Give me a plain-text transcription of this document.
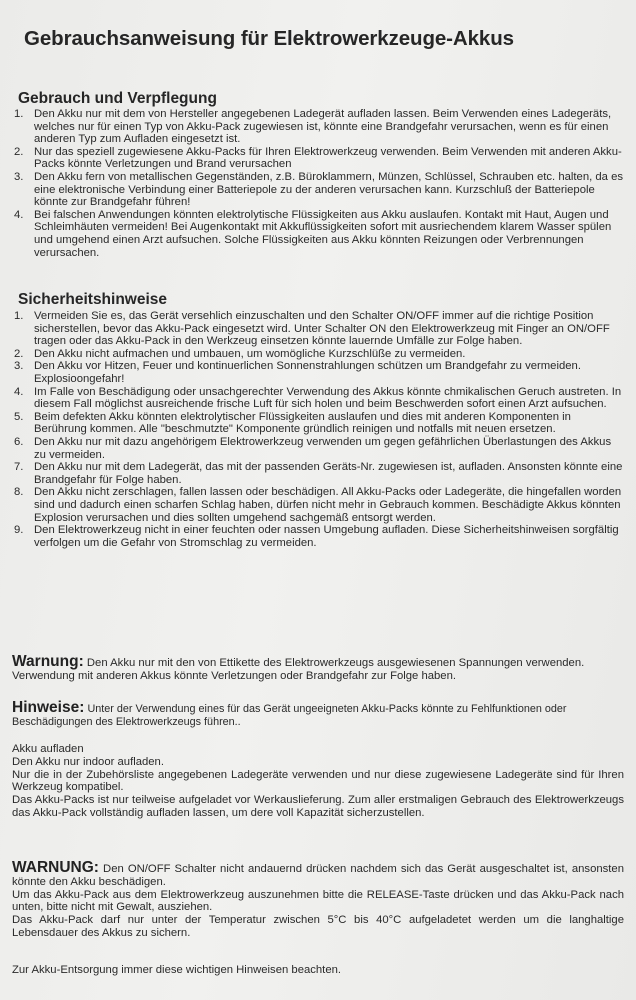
Gebrauchsanweisung für Elektrowerkzeuge-Akkus
Gebrauch und Verpflegung
1. Den Akku nur mit dem von Hersteller angegebenen Ladegerät aufladen lassen. Beim Verwenden eines Ladegeräts, welches nur für einen Typ von Akku-Pack zugewiesen ist, könnte eine Brandgefahr verursachen, wenn es für einen anderen Typ zum Aufladen eingesetzt ist.
2. Nur das speziell zugewiesene Akku-Packs für Ihren Elektrowerkzeug verwenden. Beim Verwenden mit anderen Akku-Packs könnte Verletzungen und Brand verursachen
3. Den Akku fern von metallischen Gegenständen, z.B. Büroklammern, Münzen, Schlüssel, Schrauben etc. halten, da es eine elektronische Verbindung einer Batteriepole zu der anderen verursachen kann. Kurzschluß der Batteriepole könnte zur Brandgefahr führen!
4. Bei falschen Anwendungen könnten elektrolytische Flüssigkeiten aus Akku auslaufen. Kontakt mit Haut, Augen und Schleimhäuten vermeiden! Bei Augenkontakt mit Akkuflüssigkeiten sofort mit ausriechendem klarem Wasser spülen und umgehend einen Arzt aufsuchen. Solche Flüssigkeiten aus Akku könnten Reizungen oder Verbrennungen verursachen.
Sicherheitshinweise
1. Vermeiden Sie es, das Gerät versehlich einzuschalten und den Schalter ON/OFF immer auf die richtige Position sicherstellen, bevor das Akku-Pack eingesetzt wird. Unter Schalter ON den Elektrowerkzeug mit Finger an ON/OFF tragen oder das Akku-Pack in den Werkzeug einsetzen könnte lauernde Umfälle zur Folge haben.
2. Den Akku nicht aufmachen und umbauen, um womögliche Kurzschlüße zu vermeiden.
3. Den Akku vor Hitzen, Feuer und kontinuerlichen Sonnenstrahlungen schützen um Brandgefahr zu vermeiden. Explosioongefahr!
4. Im Falle von Beschädigung oder unsachgerechter Verwendung des Akkus könnte chmikalischen Geruch austreten. In diesem Fall möglichst ausreichende frische Luft für sich holen und beim Beschwerden sofort einen Arzt aufsuchen.
5. Beim defekten Akku könnten elektrolytischer Flüssigkeiten auslaufen und dies mit anderen Komponenten in Berührung kommen. Alle "beschmutzte" Komponente gründlich reinigen und notfalls mit neuen ersetzen.
6. Den Akku nur mit dazu angehörigem Elektrowerkzeug verwenden um gegen gefährlichen Überlastungen des Akkus zu vermeiden.
7. Den Akku nur mit dem Ladegerät, das mit der passenden Geräts-Nr. zugewiesen ist, aufladen. Ansonsten könnte eine Brandgefahr für Folge haben.
8. Den Akku nicht zerschlagen, fallen lassen oder beschädigen. All Akku-Packs oder Ladegeräte, die hingefallen worden sind und dadurch einen scharfen Schlag haben, dürfen nicht mehr in Gebrauch kommen. Beschädigte Akkus könnten Explosion verursachen und dies sollten umgehend sachgemäß entsorgt werden.
9. Den Elektrowerkzeug nicht in einer feuchten oder nassen Umgebung aufladen. Diese Sicherheitshinweisen sorgfältig verfolgen um die Gefahr von Stromschlag zu vermeiden.
Warnung: Den Akku nur mit den von Ettikette des Elektrowerkzeugs ausgewiesenen Spannungen verwenden. Verwendung mit anderen Akkus könnte Verletzungen oder Brandgefahr zur Folge haben.
Hinweise: Unter der Verwendung eines für das Gerät ungeeigneten Akku-Packs könnte zu Fehlfunktionen oder Beschädigungen des Elektrowerkzeugs führen..
Akku aufladen
Den Akku nur indoor aufladen.
Nur die in der Zubehörsliste angegebenen Ladegeräte verwenden und nur diese zugewiesene Ladegeräte sind für Ihren Werkzeug kompatibel.
Das Akku-Packs ist nur teilweise aufgeladet vor Werkauslieferung. Zum aller erstmaligen Gebrauch des Elektrowerkzeugs das Akku-Pack vollständig aufladen lassen, um dere voll Kapazität sicherzustellen.
WARNUNG: Den ON/OFF Schalter nicht andauernd drücken nachdem sich das Gerät ausgeschaltet ist, ansonsten könnte den Akku beschädigen.
Um das Akku-Pack aus dem Elektrowerkzeug auszunehmen bitte die RELEASE-Taste drücken und das Akku-Pack nach unten, bitte nicht mit Gewalt, ausziehen.
Das Akku-Pack darf nur unter der Temperatur zwischen 5°C bis 40°C aufgeladetet werden um die langhaltige Lebensdauer des Akkus zu sichern.
Zur Akku-Entsorgung immer diese wichtigen Hinweisen beachten.
